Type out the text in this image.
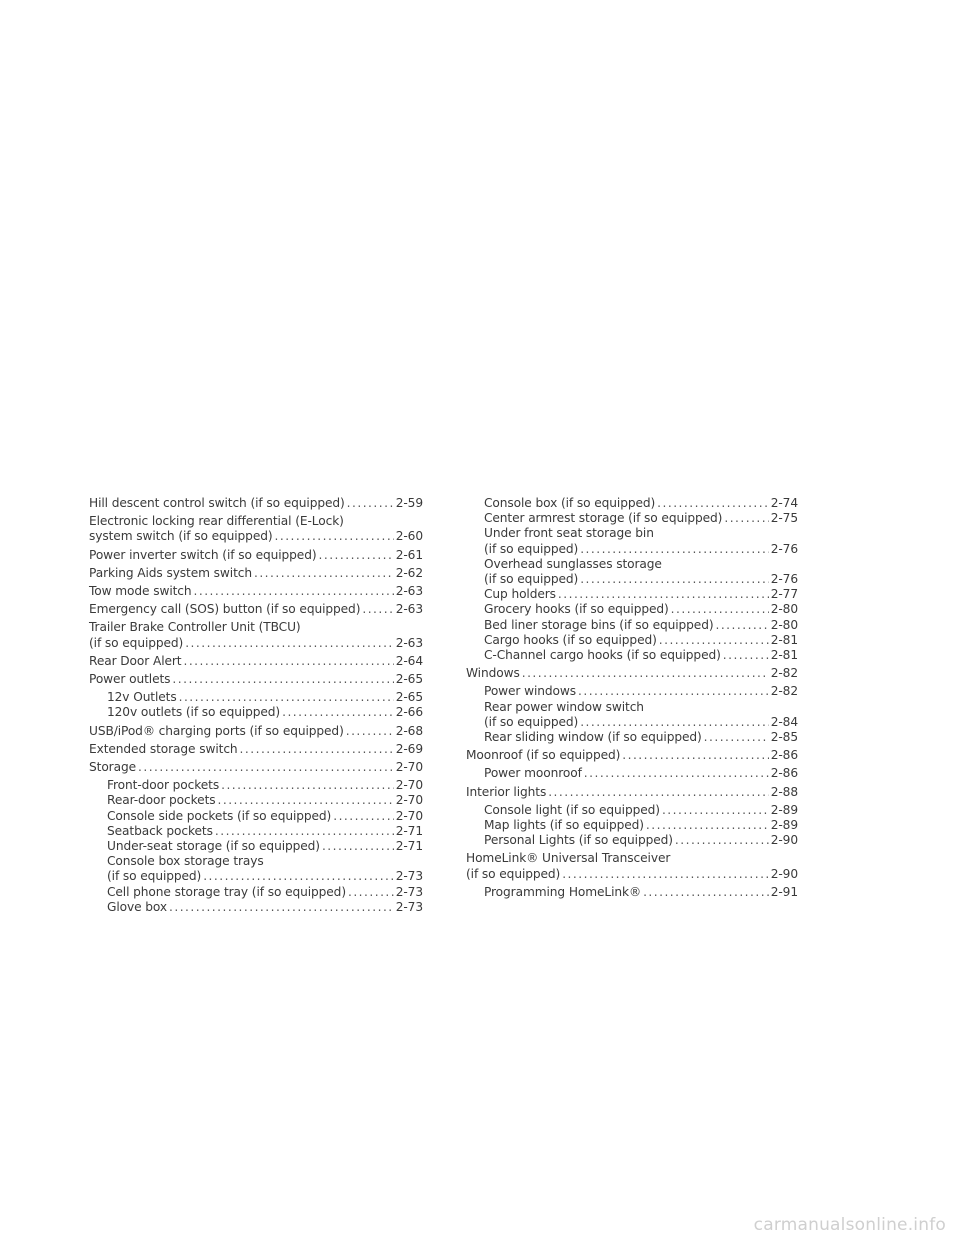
Hill descent control switch (if so equipped) . . .	2-59
Electronic locking rear differential (E-Lock)
system switch (if so equipped) . . .	2-60
Power inverter switch (if so equipped) . . .	2-61
Parking Aids system switch . . .	2-62
Tow mode switch . . .	2-63
Emergency call (SOS) button (if so equipped) . . .	2-63
Trailer Brake Controller Unit (TBCU)
(if so equipped) . . .	2-63
Rear Door Alert . . .	2-64
Power outlets . . .	2-65
12v Outlets . . .	2-65
120v outlets (if so equipped) . . .	2-66
USB/iPod® charging ports (if so equipped) . . .	2-68
Extended storage switch . . .	2-69
Storage . . .	2-70
Front-door pockets . . .	2-70
Rear-door pockets . . .	2-70
Console side pockets (if so equipped) . . .	2-70
Seatback pockets . . .	2-71
Under-seat storage (if so equipped) . . .	2-71
Console box storage trays
(if so equipped) . . .	2-73
Cell phone storage tray (if so equipped) . . .	2-73
Glove box . . .	2-73
Console box (if so equipped) . . .	2-74
Center armrest storage (if so equipped) . . .	2-75
Under front seat storage bin
(if so equipped) . . .	2-76
Overhead sunglasses storage
(if so equipped) . . .	2-76
Cup holders . . .	2-77
Grocery hooks (if so equipped) . . .	2-80
Bed liner storage bins (if so equipped) . . .	2-80
Cargo hooks (if so equipped) . . .	2-81
C-Channel cargo hooks (if so equipped) . . .	2-81
Windows . . .	2-82
Power windows . . .	2-82
Rear power window switch
(if so equipped) . . .	2-84
Rear sliding window (if so equipped) . . .	2-85
Moonroof (if so equipped) . . .	2-86
Power moonroof . . .	2-86
Interior lights . . .	2-88
Console light (if so equipped) . . .	2-89
Map lights (if so equipped) . . .	2-89
Personal Lights (if so equipped) . . .	2-90
HomeLink® Universal Transceiver
(if so equipped) . . .	2-90
Programming HomeLink® . . .	2-91
carmanualsonline.info
